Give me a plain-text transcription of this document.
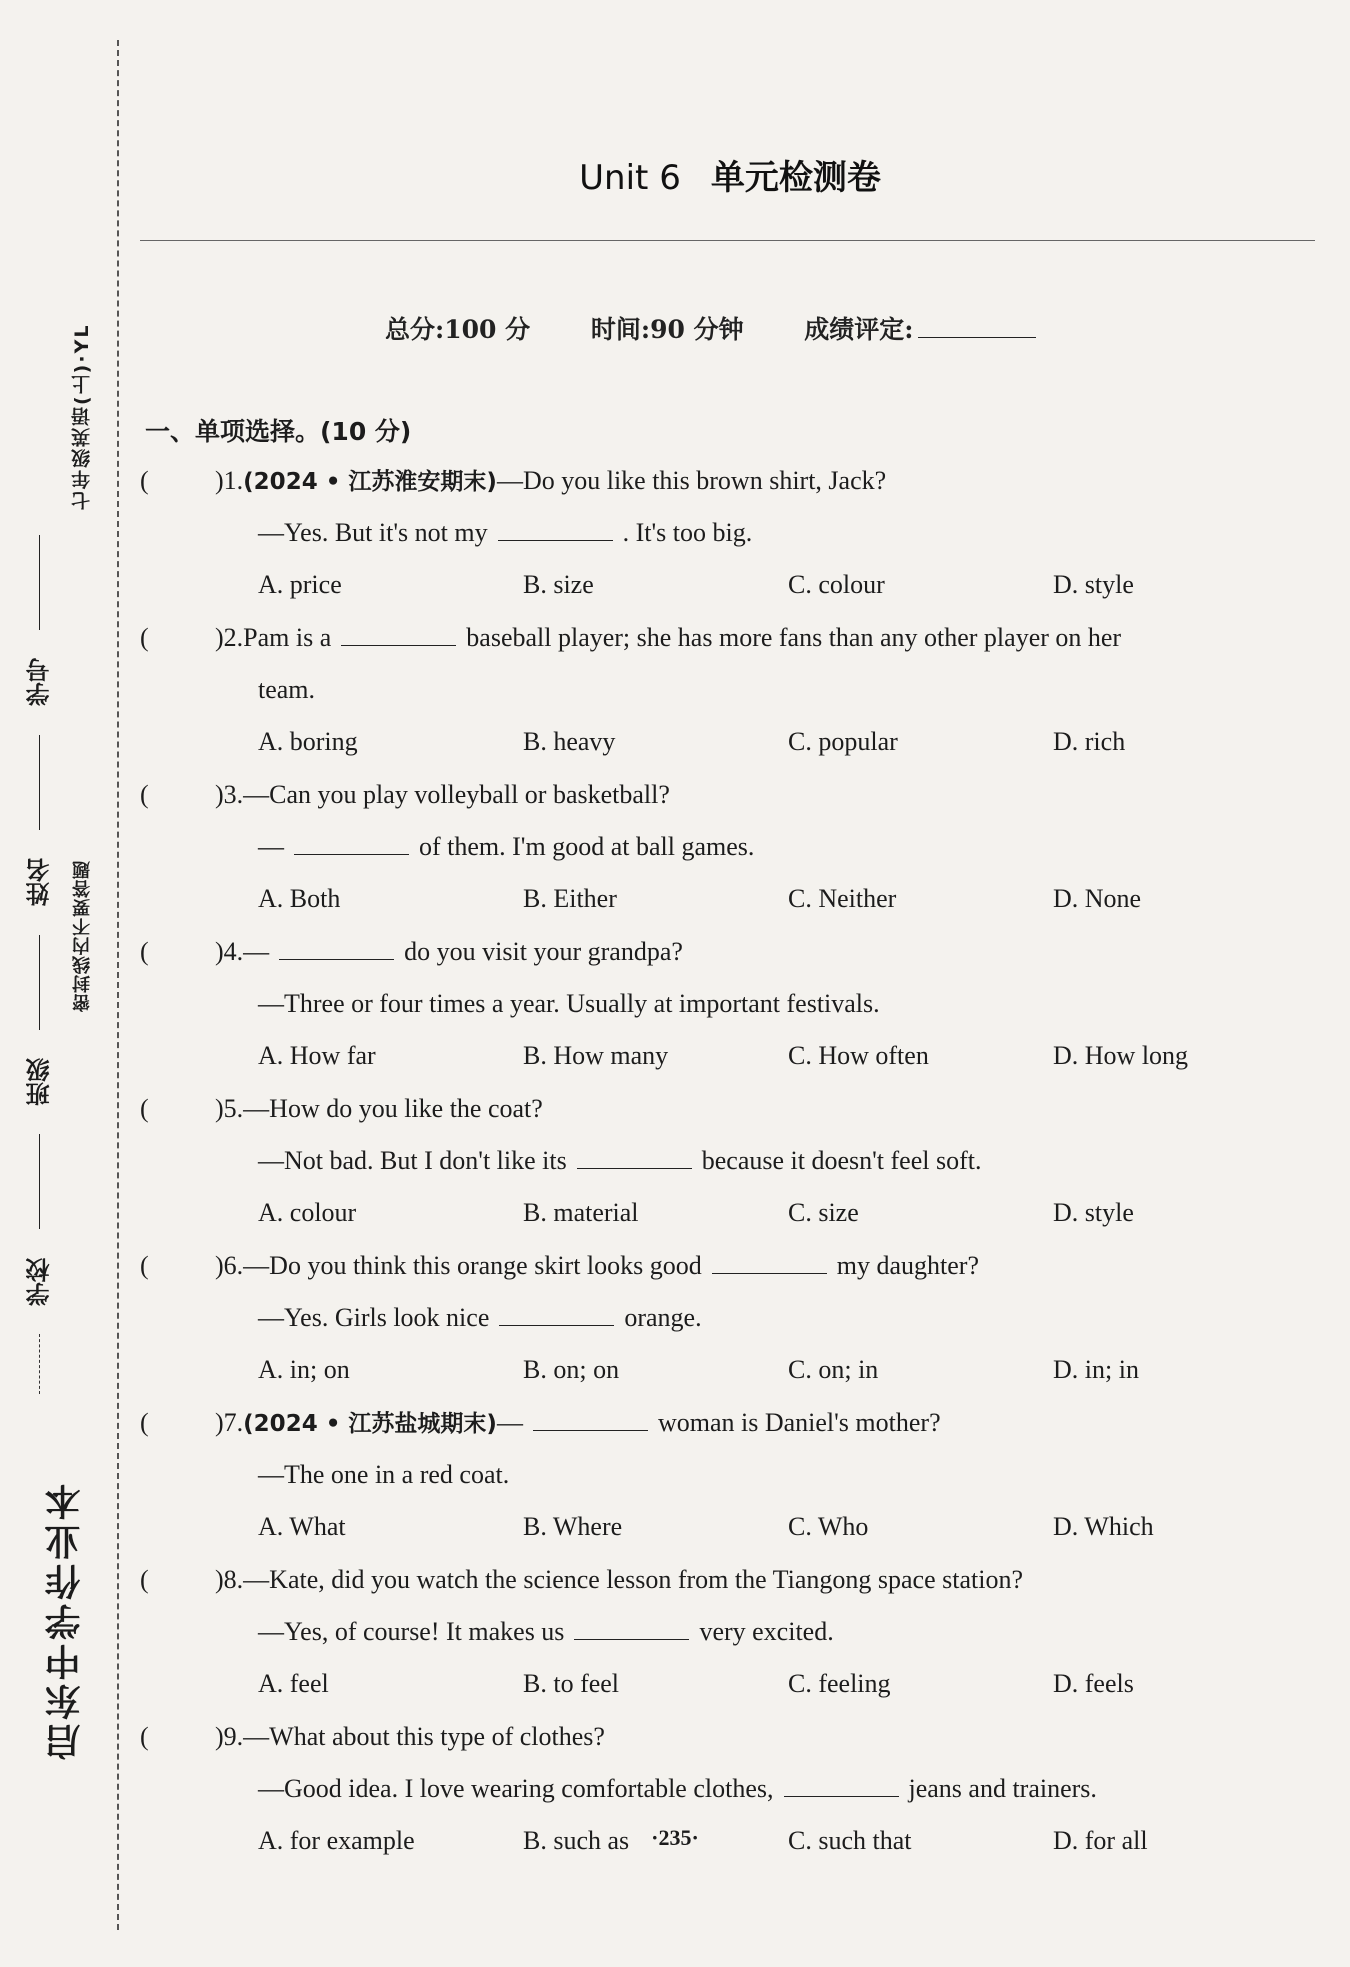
七年级英语(上)·YL
密封线内不要答题
学校  班级  姓名  学号
启东中学作业本
Unit 6 单元检测卷
总分:100 分 时间:90 分钟 成绩评定:
一、单项选择。(10 分)
(	)1.(2024 • 江苏淮安期末)—Do you like this brown shirt, Jack?
—Yes. But it's not my	. It's too big.
A. price	B. size	C. colour	D. style
(	)2.Pam is a	baseball player; she has more fans than any other player on her
team.
A. boring	B. heavy	C. popular	D. rich
(	)3.—Can you play volleyball or basketball?
—	of them. I'm good at ball games.
A. Both	B. Either	C. Neither	D. None
(	)4.—	do you visit your grandpa?
—Three or four times a year. Usually at important festivals.
A. How far	B. How many	C. How often	D. How long
(	)5.—How do you like the coat?
—Not bad. But I don't like its	because it doesn't feel soft.
A. colour	B. material	C. size	D. style
(	)6.—Do you think this orange skirt looks good	my daughter?
—Yes. Girls look nice	orange.
A. in; on	B. on; on	C. on; in	D. in; in
(	)7.(2024 • 江苏盐城期末)—	woman is Daniel's mother?
—The one in a red coat.
A. What	B. Where	C. Who	D. Which
(	)8.—Kate, did you watch the science lesson from the Tiangong space station?
—Yes, of course! It makes us	very excited.
A. feel	B. to feel	C. feeling	D. feels
(	)9.—What about this type of clothes?
—Good idea. I love wearing comfortable clothes,	jeans and trainers.
A. for example	B. such as	C. such that	D. for all
·235·
